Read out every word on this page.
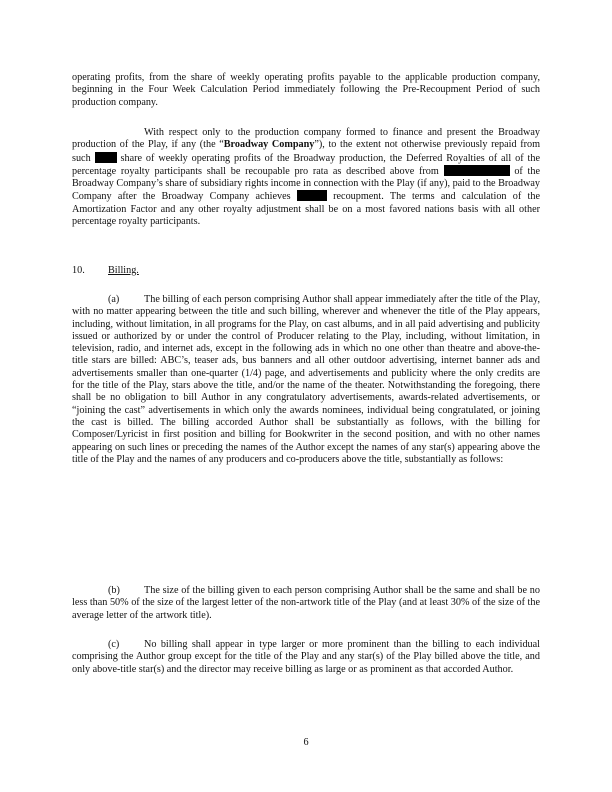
operating profits, from the share of weekly operating profits payable to the applicable production company, beginning in the Four Week Calculation Period immediately following the Pre-Recoupment Period of such production company.

With respect only to the production company formed to finance and present the Broadway production of the Play, if any (the “Broadway Company”), to the extent not otherwise previously repaid from such  share of weekly operating profits of the Broadway production, the Deferred Royalties of all of the percentage royalty participants shall be recoupable pro rata as described above from	of the Broadway Company’s share of subsidiary rights income in connection with the Play (if any), paid to the Broadway Company after the Broadway Company achieves	recoupment. The terms and calculation of the Amortization Factor and any other royalty adjustment shall be on a most favored nations basis with all other percentage royalty participants.

10. Billing.

(a) The billing of each person comprising Author shall appear immediately after the title of the Play, with no matter appearing between the title and such billing, wherever and whenever the title of the Play appears, including, without limitation, in all programs for the Play, on cast albums, and in all paid advertising and publicity issued or authorized by or under the control of Producer relating to the Play, including, without limitation, in television, radio, and internet ads, except in the following ads in which no one other than theatre and above-the-title stars are billed: ABC’s, teaser ads, bus banners and all other outdoor advertising, internet banner ads and advertisements smaller than one-quarter (1/4) page, and advertisements and publicity where the only credits are for the title of the Play, stars above the title, and/or the name of the theater. Notwithstanding the foregoing, there shall be no obligation to bill Author in any congratulatory advertisements, awards-related advertisements, or “joining the cast” advertisements in which only the awards nominees, individual being congratulated, or joining the cast is billed. The billing accorded Author shall be substantially as follows, with the billing for Composer/Lyricist in first position and billing for Bookwriter in the second position, and with no other names appearing on such lines or preceding the names of the Author except the names of any star(s) appearing above the title of the Play and the names of any producers and co-producers above the title, substantially as follows:

(b) The size of the billing given to each person comprising Author shall be the same and shall be no less than 50% of the size of the largest letter of the non-artwork title of the Play (and at least 30% of the size of the average letter of the artwork title).

(c) No billing shall appear in type larger or more prominent than the billing to each individual comprising the Author group except for the title of the Play and any star(s) of the Play billed above the title, and only above-title star(s) and the director may receive billing as large or as prominent as that accorded Author.

6
